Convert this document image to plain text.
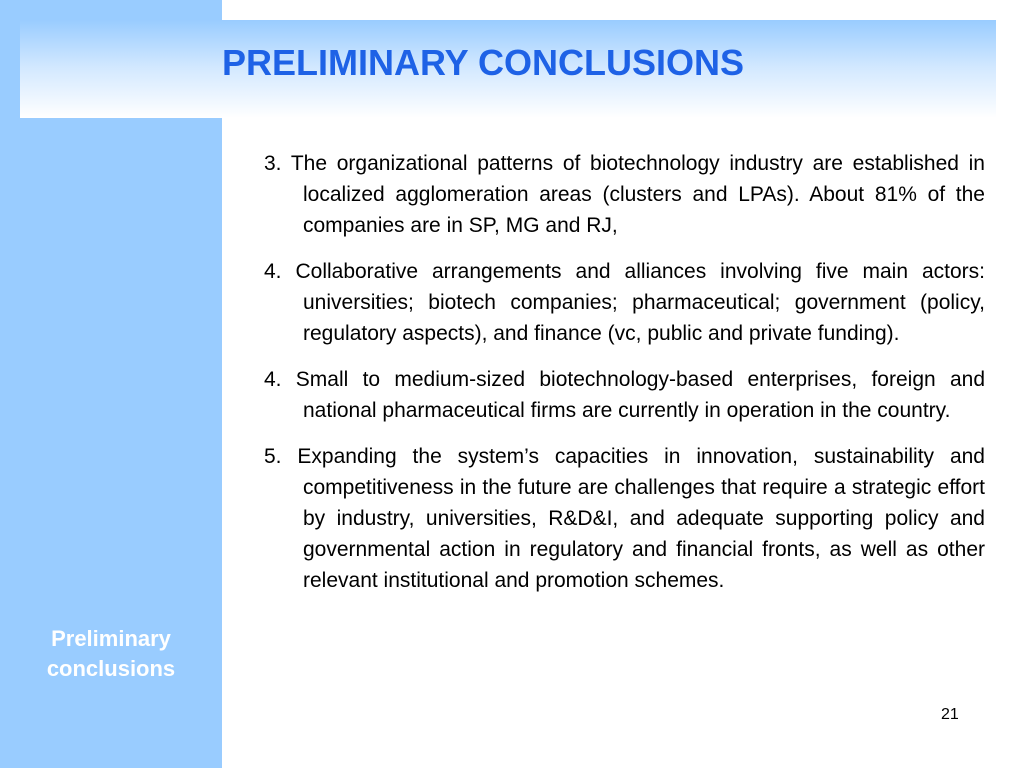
Preliminary
conclusions
PRELIMINARY CONCLUSIONS

3. The organizational patterns of biotechnology industry are established in localized agglomeration areas (clusters and LPAs). About 81% of the companies are in SP, MG and RJ,

4. Collaborative arrangements and alliances involving five main actors: universities; biotech companies; pharmaceutical; government (policy, regulatory aspects), and finance (vc, public and private funding).

4. Small to medium-sized biotechnology-based enterprises, foreign and national pharmaceutical firms are currently in operation in the country.

5. Expanding the system’s capacities in innovation, sustainability and competitiveness in the future are challenges that require a strategic effort by industry, universities, R&D&I, and adequate supporting policy and governmental action in regulatory and financial fronts, as well as other relevant institutional and promotion schemes.

21
